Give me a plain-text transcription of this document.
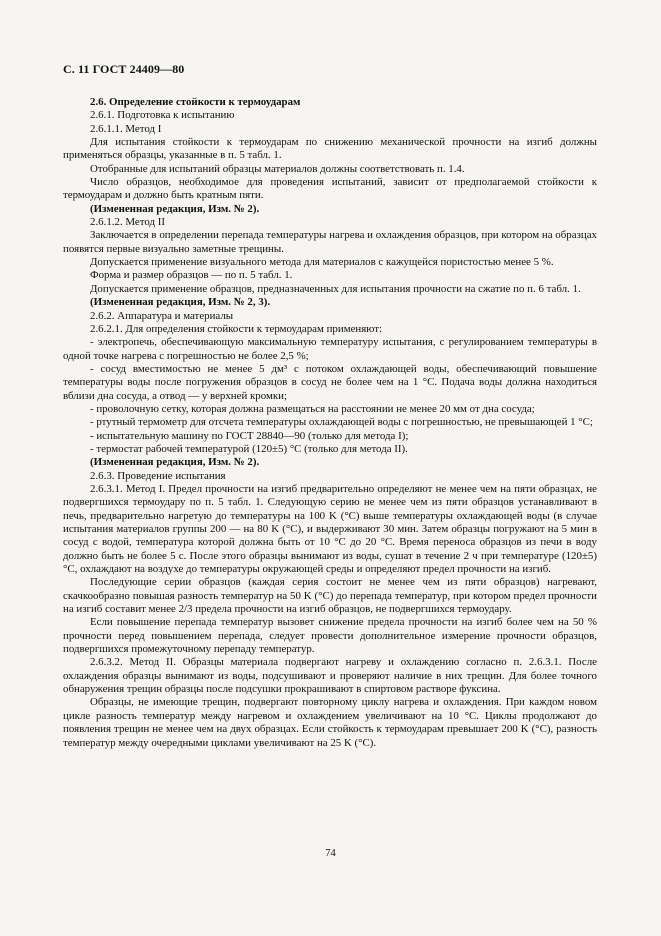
С. 11 ГОСТ 24409—80

2.6. Определение стойкости к термоударам

2.6.1. Подготовка к испытанию

2.6.1.1. Метод I

Для испытания стойкости к термоударам по снижению механической прочности на изгиб должны применяться образцы, указанные в п. 5 табл. 1.

Отобранные для испытаний образцы материалов должны соответствовать п. 1.4.

Число образцов, необходимое для проведения испытаний, зависит от предполагаемой стойкости к термоударам и должно быть кратным пяти.

(Измененная редакция, Изм. № 2).

2.6.1.2. Метод II

Заключается в определении перепада температуры нагрева и охлаждения образцов, при котором на образцах появятся первые визуально заметные трещины.

Допускается применение визуального метода для материалов с кажущейся пористостью менее 5 %.

Форма и размер образцов — по п. 5 табл. 1.

Допускается применение образцов, предназначенных для испытания прочности на сжатие по п. 6 табл. 1.

(Измененная редакция, Изм. № 2, 3).

2.6.2. Аппаратура и материалы

2.6.2.1. Для определения стойкости к термоударам применяют:

- электропечь, обеспечивающую максимальную температуру испытания, с регулированием температуры в одной точке нагрева с погрешностью не более 2,5 %;

- сосуд вместимостью не менее 5 дм³ с потоком охлаждающей воды, обеспечивающий повышение температуры воды после погружения образцов в сосуд не более чем на 1 °C. Подача воды должна находиться вблизи дна сосуда, а отвод — у верхней кромки;

- проволочную сетку, которая должна размещаться на расстоянии не менее 20 мм от дна сосуда;

- ртутный термометр для отсчета температуры охлаждающей воды с погрешностью, не превышающей 1 °C;

- испытательную машину по ГОСТ 28840—90 (только для метода I);

- термостат рабочей температурой (120±5) °C (только для метода II).

(Измененная редакция, Изм. № 2).

2.6.3. Проведение испытания

2.6.3.1. Метод I. Предел прочности на изгиб предварительно определяют не менее чем на пяти образцах, не подвергшихся термоудару по п. 5 табл. 1. Следующую серию не менее чем из пяти образцов устанавливают в печь, предварительно нагретую до температуры на 100 K (°C) выше температуры охлаждающей воды (в случае испытания материалов группы 200 — на 80 K (°C), и выдерживают 30 мин. Затем образцы погружают на 5 мин в сосуд с водой, температура которой должна быть от 10 °C до 20 °C. Время переноса образцов из печи в воду должно быть не более 5 с. После этого образцы вынимают из воды, сушат в течение 2 ч при температуре (120±5) °C, охлаждают на воздухе до температуры окружающей среды и определяют предел прочности на изгиб.

Последующие серии образцов (каждая серия состоит не менее чем из пяти образцов) нагревают, скачкообразно повышая разность температур на 50 K (°C) до перепада температур, при котором предел прочности на изгиб составит менее 2/3 предела прочности на изгиб образцов, не подвергшихся термоудару.

Если повышение перепада температур вызовет снижение предела прочности на изгиб более чем на 50 % прочности перед повышением перепада, следует провести дополнительное измерение прочности образцов, подвергшихся промежуточному перепаду температур.

2.6.3.2. Метод II. Образцы материала подвергают нагреву и охлаждению согласно п. 2.6.3.1. После охлаждения образцы вынимают из воды, подсушивают и проверяют наличие в них трещин. Для более точного обнаружения трещин образцы после подсушки прокрашивают в спиртовом растворе фуксина.

Образцы, не имеющие трещин, подвергают повторному циклу нагрева и охлаждения. При каждом новом цикле разность температур между нагревом и охлаждением увеличивают на 10 °C. Циклы продолжают до появления трещин не менее чем на двух образцах. Если стойкость к термоударам превышает 200 K (°C), разность температур между очередными циклами увеличивают на 25 K (°C).

74
